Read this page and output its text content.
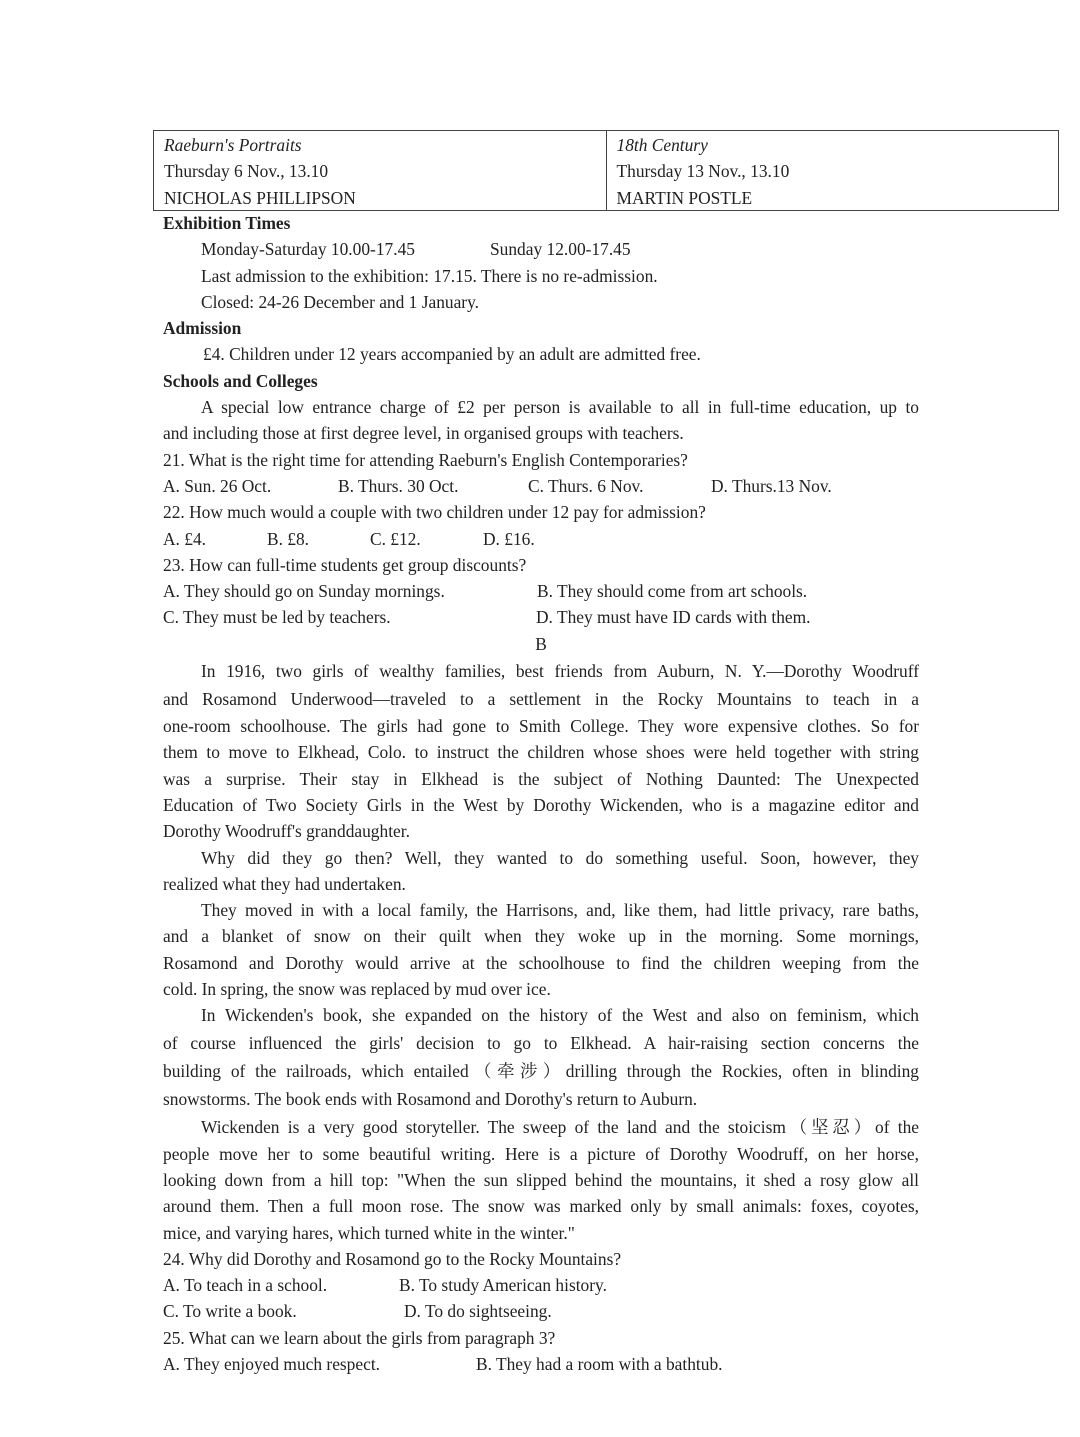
Raeburn's Portraits
Thursday 6 Nov., 13.10
NICHOLAS PHILLIPSON
18th Century
Thursday 13 Nov., 13.10
MARTIN POSTLE
Exhibition Times
Monday-Saturday 10.00-17.45	Sunday 12.00-17.45
Last admission to the exhibition: 17.15. There is no re-admission.
Closed: 24-26 December and 1 January.
Admission
£4. Children under 12 years accompanied by an adult are admitted free.
Schools and Colleges
A special low entrance charge of £2 per person is available to all in full-time education, up to
and including those at first degree level, in organised groups with teachers.
21. What is the right time for attending Raeburn's English Contemporaries?
A. Sun. 26 Oct.	B. Thurs. 30 Oct.	C. Thurs. 6 Nov.	D. Thurs.13 Nov.
22. How much would a couple with two children under 12 pay for admission?
A. £4.	B. £8.	C. £12.	D. £16.
23. How can full-time students get group discounts?
A. They should go on Sunday mornings.	B. They should come from art schools.
C. They must be led by teachers.	D. They must have ID cards with them.
B
In 1916, two girls of wealthy families, best friends from Auburn, N. Y.—Dorothy Woodruff
and Rosamond Underwood—traveled to a settlement in the Rocky Mountains to teach in a
one-room schoolhouse. The girls had gone to Smith College. They wore expensive clothes. So for
them to move to Elkhead, Colo. to instruct the children whose shoes were held together with string
was a surprise. Their stay in Elkhead is the subject of Nothing Daunted: The Unexpected
Education of Two Society Girls in the West by Dorothy Wickenden, who is a magazine editor and
Dorothy Woodruff's granddaughter.
Why did they go then? Well, they wanted to do something useful. Soon, however, they
realized what they had undertaken.
They moved in with a local family, the Harrisons, and, like them, had little privacy, rare baths,
and a blanket of snow on their quilt when they woke up in the morning. Some mornings,
Rosamond and Dorothy would arrive at the schoolhouse to find the children weeping from the
cold. In spring, the snow was replaced by mud over ice.
In Wickenden's book, she expanded on the history of the West and also on feminism, which
of course influenced the girls' decision to go to Elkhead. A hair-raising section concerns the
building of the railroads, which entailed（牵涉）drilling through the Rockies, often in blinding
snowstorms. The book ends with Rosamond and Dorothy's return to Auburn.
Wickenden is a very good storyteller. The sweep of the land and the stoicism（坚忍）of the
people move her to some beautiful writing. Here is a picture of Dorothy Woodruff, on her horse,
looking down from a hill top: "When the sun slipped behind the mountains, it shed a rosy glow all
around them. Then a full moon rose. The snow was marked only by small animals: foxes, coyotes,
mice, and varying hares, which turned white in the winter."
24. Why did Dorothy and Rosamond go to the Rocky Mountains?
A. To teach in a school.	B. To study American history.
C. To write a book.	D. To do sightseeing.
25. What can we learn about the girls from paragraph 3?
A. They enjoyed much respect.	B. They had a room with a bathtub.
